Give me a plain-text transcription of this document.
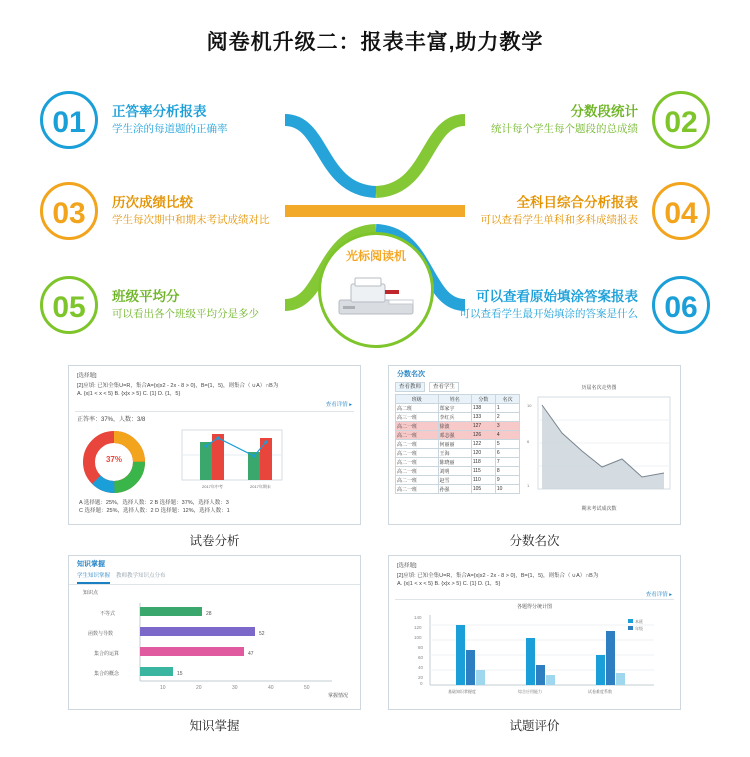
阅卷机升级二：报表丰富,助力教学
01	正答率分析报表
学生涂的每道题的正确率	02
分数段统计
统计每个学生每个题段的总成绩
03	历次成绩比较
学生每次期中和期末考试成绩对比	04
全科目综合分析报表
可以查看学生单科和多科成绩报表
05	班级平均分
可以看出各个班级平均分是多少	06
可以查看原始填涂答案报表
可以查看学生最开始填涂的答案是什么
光标阅读机
[选择题]
[2]应填: 已知全集U=R，集合A={x|x2 - 2x - 8 > 0}，B={1，5}，则集合（ ∪A）∩B为
A. {x|1 < x < 5} B. {x|x > 5} C. {1} D. {1，5}
查看详情 ▸
正答率：37%，人数：3/8
37%
2017年中考	2017年期末
A 选择题：25%，选择人数：2 B 选择题：37%，选择人数：3
C 选择题：25%，选择人数：2 D 选择题：12%，选择人数：1
试卷分析
分数名次
查看教师	查看学生
班级	姓名	分数	名次
高二班	郑家宇	138	1
高三一班	李红兵	133	2
高二一班	徐波	127	3
高二一班	邓志强	126	4
高二一班	何丽丽	122	5
高二一班	王海	120	6
高二一班	陈晓丽	118	7
高二一班	刘明	115	8
高二一班	赵雪	110	9
高二一班	孙强	105	10
历届名次走势图
10
6
1
期末考试成次数
分数名次
知识掌握
学生知识掌握 教师教学知识点分布
知识点
28
52
47
15
不等式
函数与导数
集合的运算
集合的概念
10	20	30	40	50
掌握情况
知识掌握
[选择题]
[2]应填: 已知全集U=R，集合A={x|x2 - 2x - 8 > 0}，B={1，5}，则集合（ ∪A）∩B为
A. {x|1 < x < 5} B. {x|x > 5} C. {1} D. {1，5}
查看详情 ▸
各题得分统计图
140
120
100
80
60
40
20
0
基础知识掌握度	综合应用能力	试卷难度系数
本班
年级
试题评价
